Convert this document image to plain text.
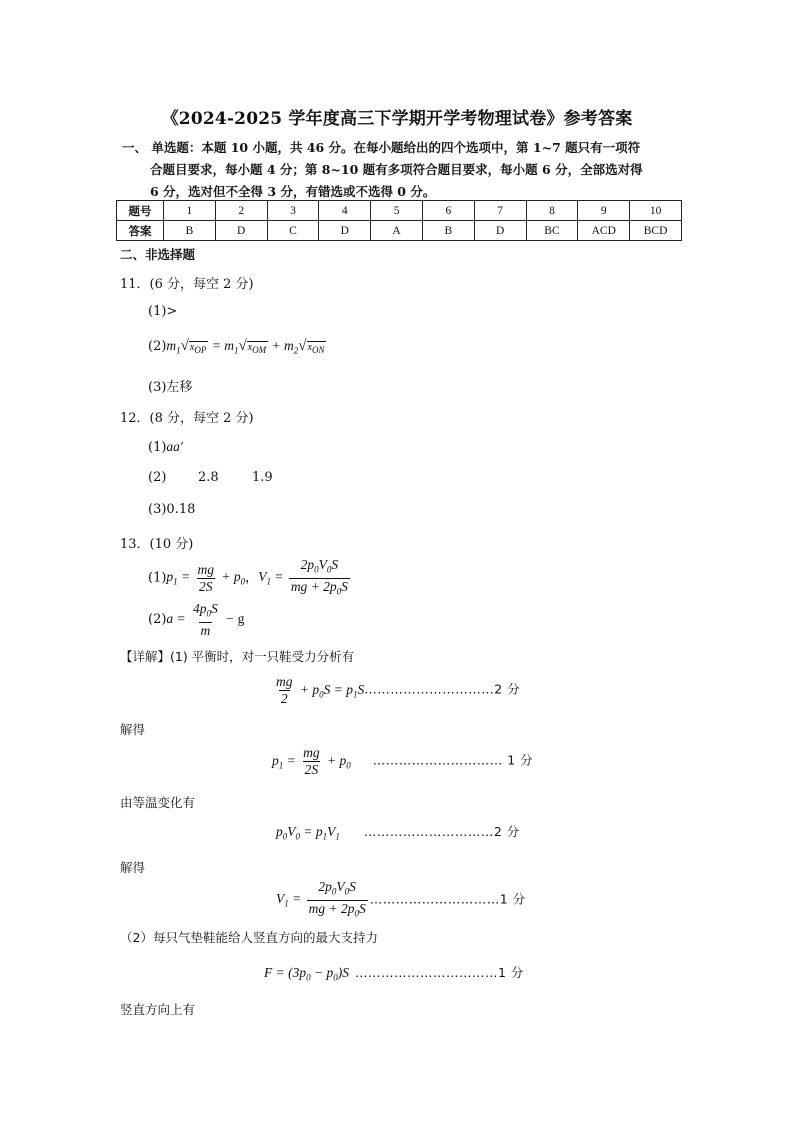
《2024-2025 学年度高三下学期开学考物理试卷》参考答案
一、 单选题：本题 10 小题，共 46 分。在每小题给出的四个选项中，第 1~7 题只有一项符
合题目要求，每小题 4 分；第 8~10 题有多项符合题目要求，每小题 6 分，全部选对得
6 分，选对但不全得 3 分，有错选或不选得 0 分。
题号	1	2	3	4	5	6	7	8	9	10
答案	B	D	C	D	A	B	D	BC	ACD	BCD
二、非选择题
11．(6 分，每空 2 分)
(1)>
$(2)m_1√x_{OP} = m_1√x_{OM} + m_2√x_{ON}$
(3)左移
12．(8 分，每空 2 分)
(1)aa′
(2) 2.8	1.9
(3)0.18
13．(10 分)
$(1)p_1 = \frac{mg}{2S} + p_0$，$V_1 = \frac{2p_0V_0S}{mg + 2p_0S}$
$(2)a = \frac{4p_0S}{m} - g$
【详解】(1) 平衡时，对一只鞋受力分析有
$\frac{mg}{2} + p_0S$ = $p_1S\dots\dots\dots\dots\dots\dots\dots\dots\dots\dots 2$ 分
解得
$p_1 = \frac{mg}{2S} + p_0$ ………………………… 1 分
由等温变化有
$p_0V_0 = p_1V_1$ …………………………2 分
解得
$V_1 = \frac{2p_0V_0S}{mg + 2p_0S}$ …………………………1 分
（2）每只气垫鞋能给人竖直方向的最大支持力
$F = (3p_0 - p_0)S$ ……………………………1 分
竖直方向上有
